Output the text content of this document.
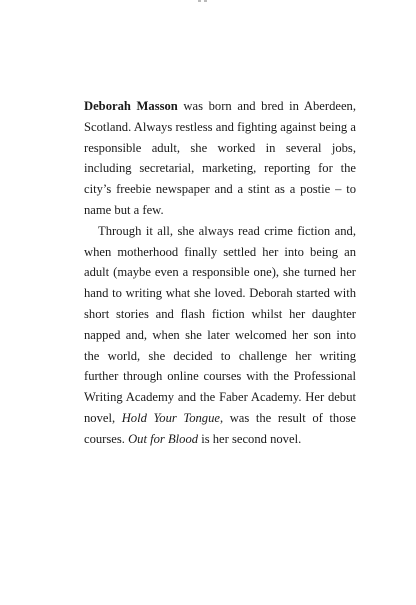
Deborah Masson was born and bred in Aberdeen, Scotland. Always restless and fighting against being a responsible adult, she worked in several jobs, including secretarial, marketing, reporting for the city’s freebie newspaper and a stint as a postie – to name but a few.

Through it all, she always read crime fiction and, when motherhood finally settled her into being an adult (maybe even a responsible one), she turned her hand to writing what she loved. Deborah started with short stories and flash fiction whilst her daughter napped and, when she later welcomed her son into the world, she decided to challenge her writing further through online courses with the Professional Writing Academy and the Faber Academy. Her debut novel, Hold Your Tongue, was the result of those courses. Out for Blood is her second novel.
